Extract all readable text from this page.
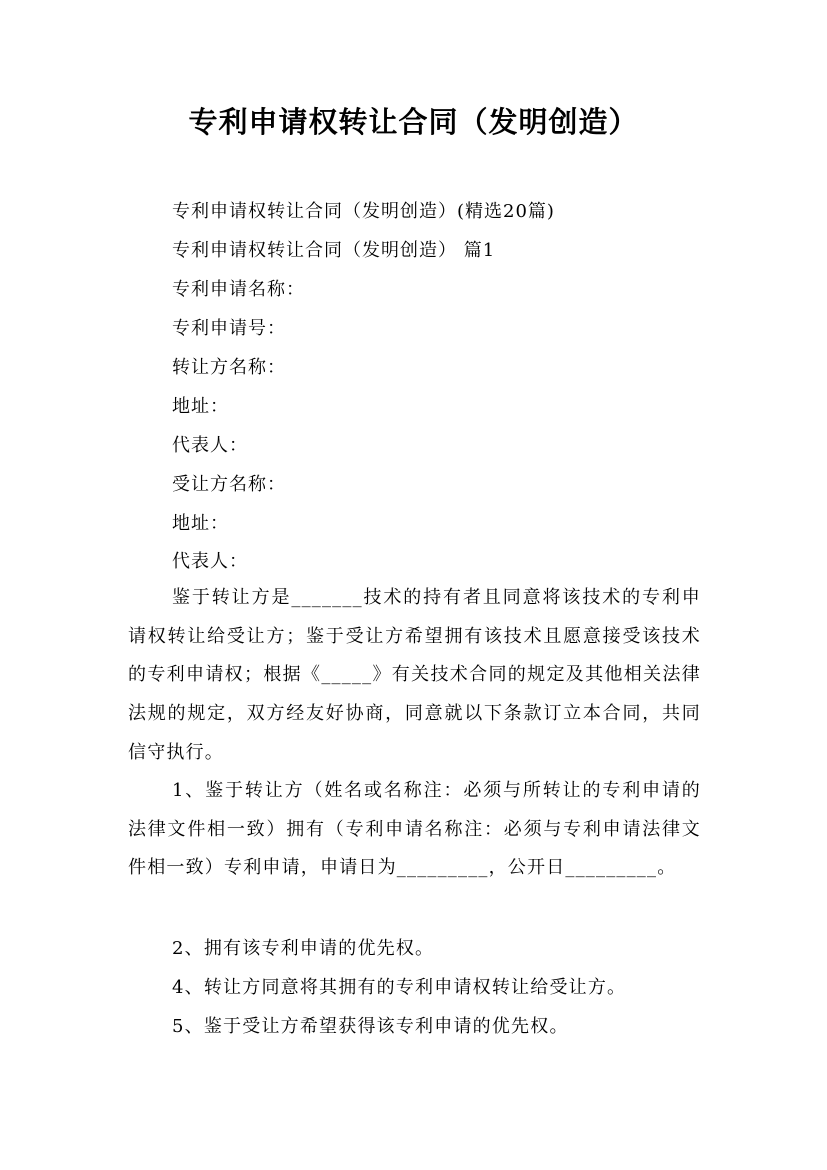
专利申请权转让合同（发明创造）
专利申请权转让合同（发明创造）(精选20篇)
专利申请权转让合同（发明创造） 篇1
专利申请名称：
专利申请号：
转让方名称：
地址：
代表人：
受让方名称：
地址：
代表人：
鉴于转让方是_______技术的持有者且同意将该技术的专利申请权转让给受让方；鉴于受让方希望拥有该技术且愿意接受该技术的专利申请权；根据《_____》有关技术合同的规定及其他相关法律法规的规定，双方经友好协商，同意就以下条款订立本合同，共同信守执行。
1、鉴于转让方（姓名或名称注：必须与所转让的专利申请的法律文件相一致）拥有（专利申请名称注：必须与专利申请法律文件相一致）专利申请，申请日为_________，公开日_________。
2、拥有该专利申请的优先权。
4、转让方同意将其拥有的专利申请权转让给受让方。
5、鉴于受让方希望获得该专利申请的优先权。
